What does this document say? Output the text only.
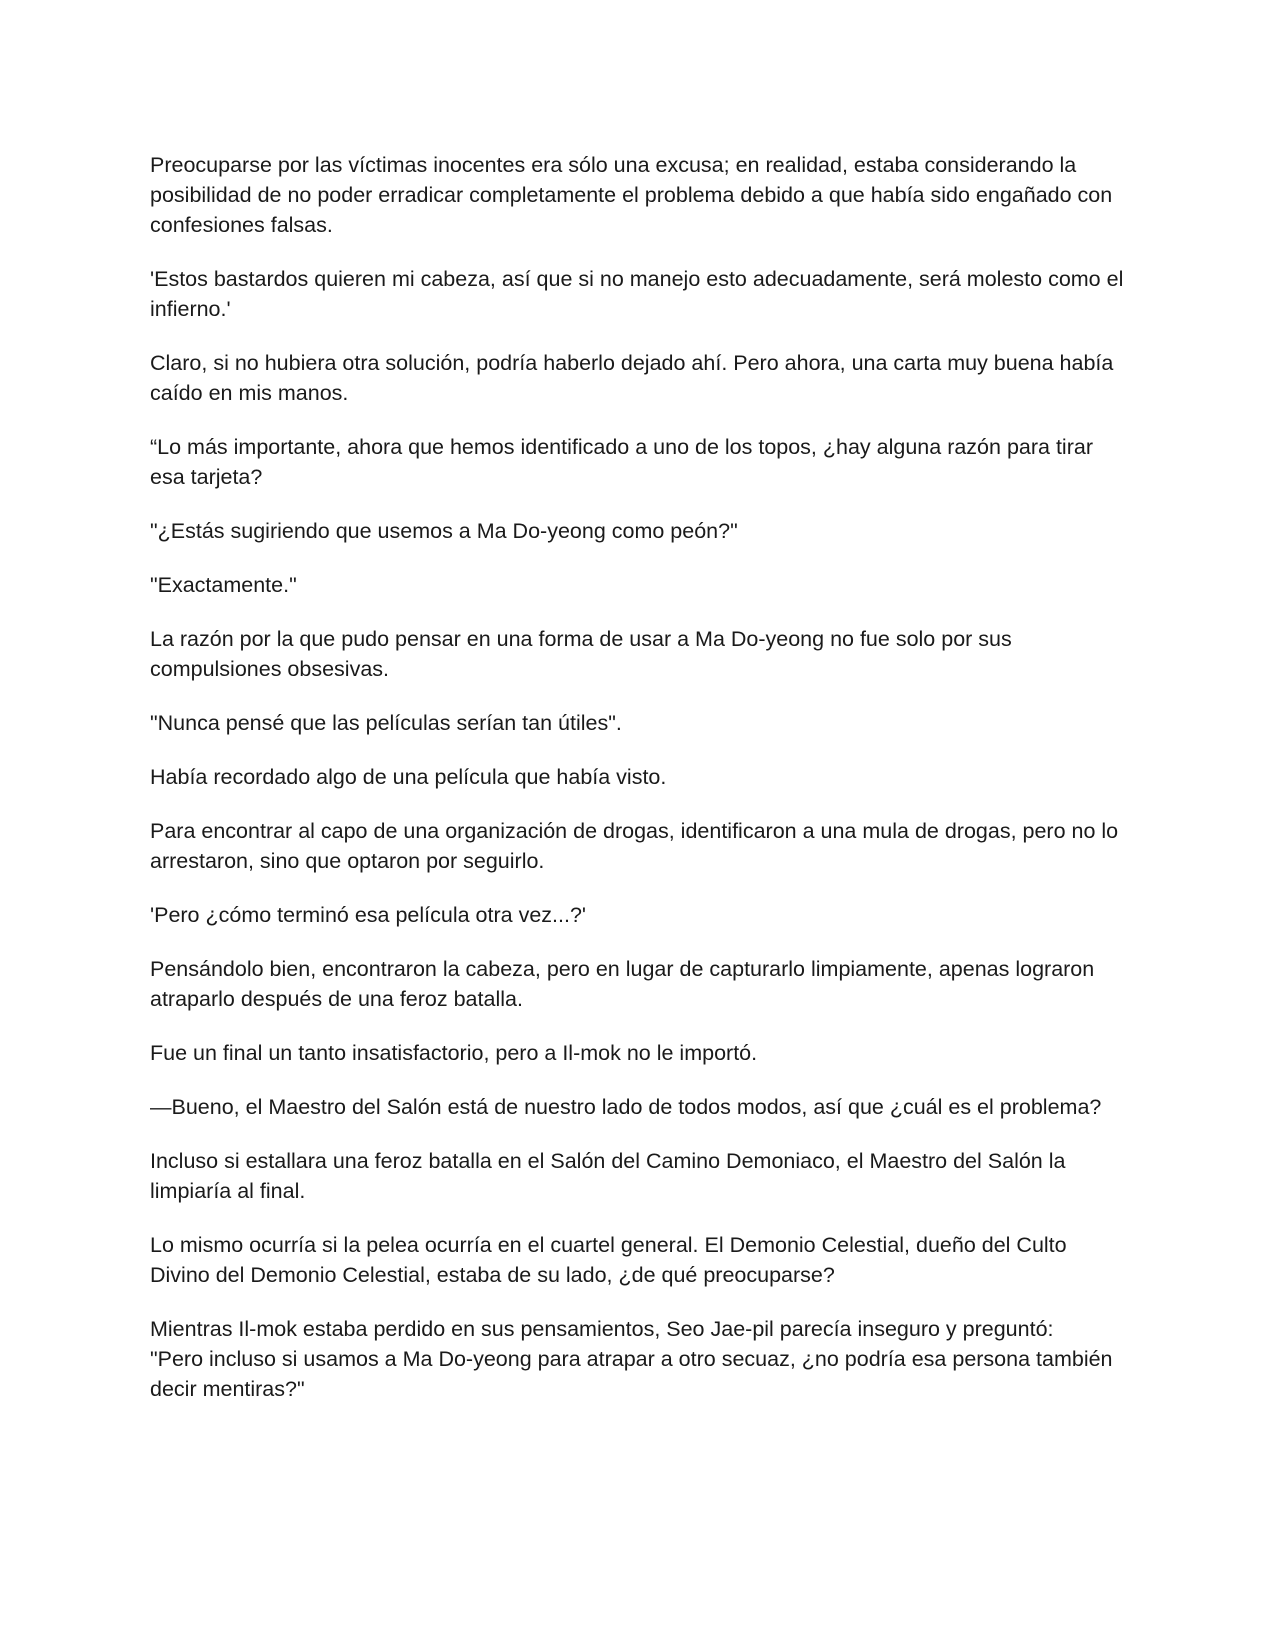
Preocuparse por las víctimas inocentes era sólo una excusa; en realidad, estaba considerando la posibilidad de no poder erradicar completamente el problema debido a que había sido engañado con confesiones falsas.

'Estos bastardos quieren mi cabeza, así que si no manejo esto adecuadamente, será molesto como el infierno.'

Claro, si no hubiera otra solución, podría haberlo dejado ahí. Pero ahora, una carta muy buena había caído en mis manos.

“Lo más importante, ahora que hemos identificado a uno de los topos, ¿hay alguna razón para tirar esa tarjeta?

"¿Estás sugiriendo que usemos a Ma Do-yeong como peón?"

"Exactamente."

La razón por la que pudo pensar en una forma de usar a Ma Do-yeong no fue solo por sus compulsiones obsesivas.

"Nunca pensé que las películas serían tan útiles".

Había recordado algo de una película que había visto.

Para encontrar al capo de una organización de drogas, identificaron a una mula de drogas, pero no lo arrestaron, sino que optaron por seguirlo.

'Pero ¿cómo terminó esa película otra vez...?'

Pensándolo bien, encontraron la cabeza, pero en lugar de capturarlo limpiamente, apenas lograron atraparlo después de una feroz batalla.

Fue un final un tanto insatisfactorio, pero a Il-mok no le importó.

—Bueno, el Maestro del Salón está de nuestro lado de todos modos, así que ¿cuál es el problema?

Incluso si estallara una feroz batalla en el Salón del Camino Demoniaco, el Maestro del Salón la limpiaría al final.

Lo mismo ocurría si la pelea ocurría en el cuartel general. El Demonio Celestial, dueño del Culto Divino del Demonio Celestial, estaba de su lado, ¿de qué preocuparse?

Mientras Il-mok estaba perdido en sus pensamientos, Seo Jae-pil parecía inseguro y preguntó:
"Pero incluso si usamos a Ma Do-yeong para atrapar a otro secuaz, ¿no podría esa persona también decir mentiras?"
